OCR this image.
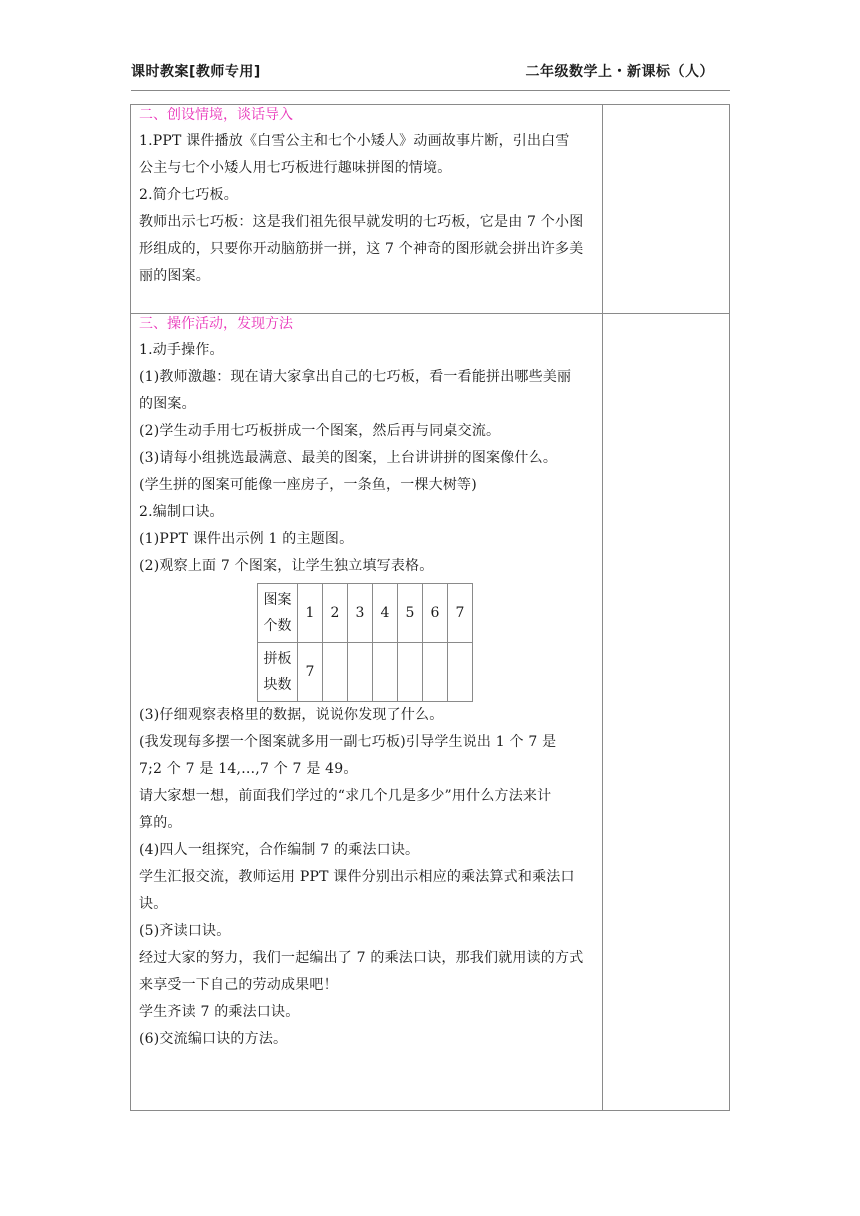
课时教案[教师专用]	二年级数学上・新课标（人）
二、创设情境，谈话导入
1.PPT 课件播放《白雪公主和七个小矮人》动画故事片断，引出白雪
公主与七个小矮人用七巧板进行趣味拼图的情境。
2.简介七巧板。
教师出示七巧板：这是我们祖先很早就发明的七巧板，它是由 7 个小图
形组成的，只要你开动脑筋拼一拼，这 7 个神奇的图形就会拼出许多美
丽的图案。
三、操作活动，发现方法
1.动手操作。
(1)教师激趣：现在请大家拿出自己的七巧板，看一看能拼出哪些美丽
的图案。
(2)学生动手用七巧板拼成一个图案，然后再与同桌交流。
(3)请每小组挑选最满意、最美的图案，上台讲讲拼的图案像什么。
(学生拼的图案可能像一座房子，一条鱼，一棵大树等)
2.编制口诀。
(1)PPT 课件出示例 1 的主题图。
(2)观察上面 7 个图案，让学生独立填写表格。
图案
个数	1	2	3	4	5	6	7

拼板
块数	7						
(3)仔细观察表格里的数据，说说你发现了什么。
(我发现每多摆一个图案就多用一副七巧板)引导学生说出 1 个 7 是
7;2 个 7 是 14,…,7 个 7 是 49。
请大家想一想，前面我们学过的“求几个几是多少”用什么方法来计
算的。
(4)四人一组探究，合作编制 7 的乘法口诀。
学生汇报交流，教师运用 PPT 课件分别出示相应的乘法算式和乘法口
诀。
(5)齐读口诀。
经过大家的努力，我们一起编出了 7 的乘法口诀，那我们就用读的方式
来享受一下自己的劳动成果吧！
学生齐读 7 的乘法口诀。
(6)交流编口诀的方法。
